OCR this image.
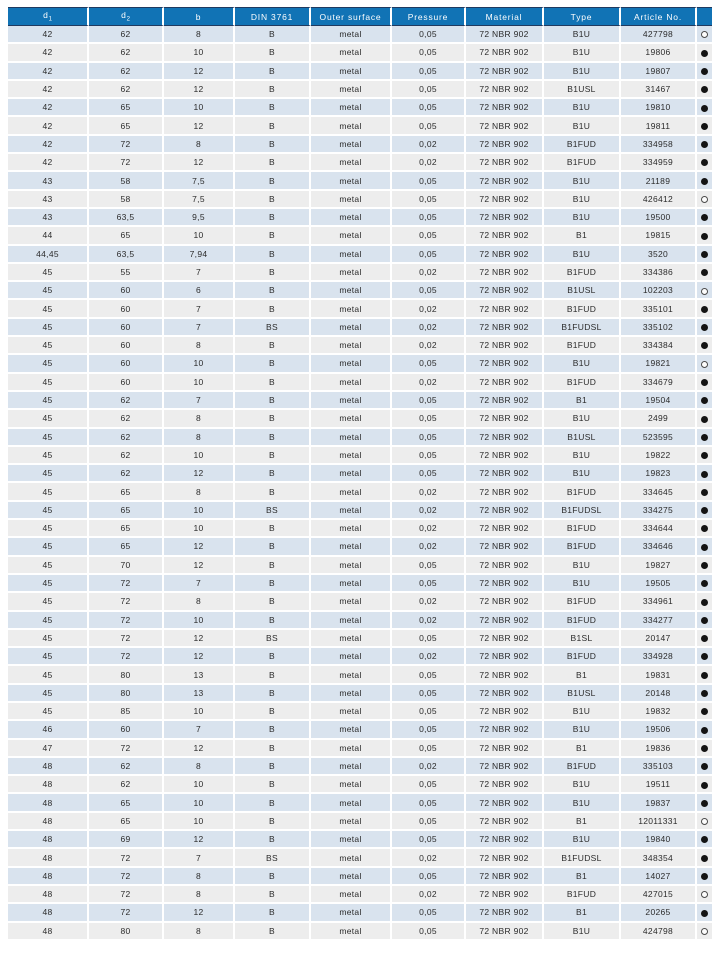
$d_1$	$d_2$	b	DIN 3761	Outer surface	Pressure	Material	Type	Article No.	
42	62	8	B	metal	0,05	72 NBR 902	B1U	427798	
42	62	10	B	metal	0,05	72 NBR 902	B1U	19806	
42	62	12	B	metal	0,05	72 NBR 902	B1U	19807	
42	62	12	B	metal	0,05	72 NBR 902	B1USL	31467	
42	65	10	B	metal	0,05	72 NBR 902	B1U	19810	
42	65	12	B	metal	0,05	72 NBR 902	B1U	19811	
42	72	8	B	metal	0,02	72 NBR 902	B1FUD	334958	
42	72	12	B	metal	0,02	72 NBR 902	B1FUD	334959	
43	58	7,5	B	metal	0,05	72 NBR 902	B1U	21189	
43	58	7,5	B	metal	0,05	72 NBR 902	B1U	426412	
43	63,5	9,5	B	metal	0,05	72 NBR 902	B1U	19500	
44	65	10	B	metal	0,05	72 NBR 902	B1	19815	
44,45	63,5	7,94	B	metal	0,05	72 NBR 902	B1U	3520	
45	55	7	B	metal	0,02	72 NBR 902	B1FUD	334386	
45	60	6	B	metal	0,05	72 NBR 902	B1USL	102203	
45	60	7	B	metal	0,02	72 NBR 902	B1FUD	335101	
45	60	7	BS	metal	0,02	72 NBR 902	B1FUDSL	335102	
45	60	8	B	metal	0,02	72 NBR 902	B1FUD	334384	
45	60	10	B	metal	0,05	72 NBR 902	B1U	19821	
45	60	10	B	metal	0,02	72 NBR 902	B1FUD	334679	
45	62	7	B	metal	0,05	72 NBR 902	B1	19504	
45	62	8	B	metal	0,05	72 NBR 902	B1U	2499	
45	62	8	B	metal	0,05	72 NBR 902	B1USL	523595	
45	62	10	B	metal	0,05	72 NBR 902	B1U	19822	
45	62	12	B	metal	0,05	72 NBR 902	B1U	19823	
45	65	8	B	metal	0,02	72 NBR 902	B1FUD	334645	
45	65	10	BS	metal	0,02	72 NBR 902	B1FUDSL	334275	
45	65	10	B	metal	0,02	72 NBR 902	B1FUD	334644	
45	65	12	B	metal	0,02	72 NBR 902	B1FUD	334646	
45	70	12	B	metal	0,05	72 NBR 902	B1U	19827	
45	72	7	B	metal	0,05	72 NBR 902	B1U	19505	
45	72	8	B	metal	0,02	72 NBR 902	B1FUD	334961	
45	72	10	B	metal	0,02	72 NBR 902	B1FUD	334277	
45	72	12	BS	metal	0,05	72 NBR 902	B1SL	20147	
45	72	12	B	metal	0,02	72 NBR 902	B1FUD	334928	
45	80	13	B	metal	0,05	72 NBR 902	B1	19831	
45	80	13	B	metal	0,05	72 NBR 902	B1USL	20148	
45	85	10	B	metal	0,05	72 NBR 902	B1U	19832	
46	60	7	B	metal	0,05	72 NBR 902	B1U	19506	
47	72	12	B	metal	0,05	72 NBR 902	B1	19836	
48	62	8	B	metal	0,02	72 NBR 902	B1FUD	335103	
48	62	10	B	metal	0,05	72 NBR 902	B1U	19511	
48	65	10	B	metal	0,05	72 NBR 902	B1U	19837	
48	65	10	B	metal	0,05	72 NBR 902	B1	12011331	
48	69	12	B	metal	0,05	72 NBR 902	B1U	19840	
48	72	7	BS	metal	0,02	72 NBR 902	B1FUDSL	348354	
48	72	8	B	metal	0,05	72 NBR 902	B1	14027	
48	72	8	B	metal	0,02	72 NBR 902	B1FUD	427015	
48	72	12	B	metal	0,05	72 NBR 902	B1	20265	
48	80	8	B	metal	0,05	72 NBR 902	B1U	424798	
